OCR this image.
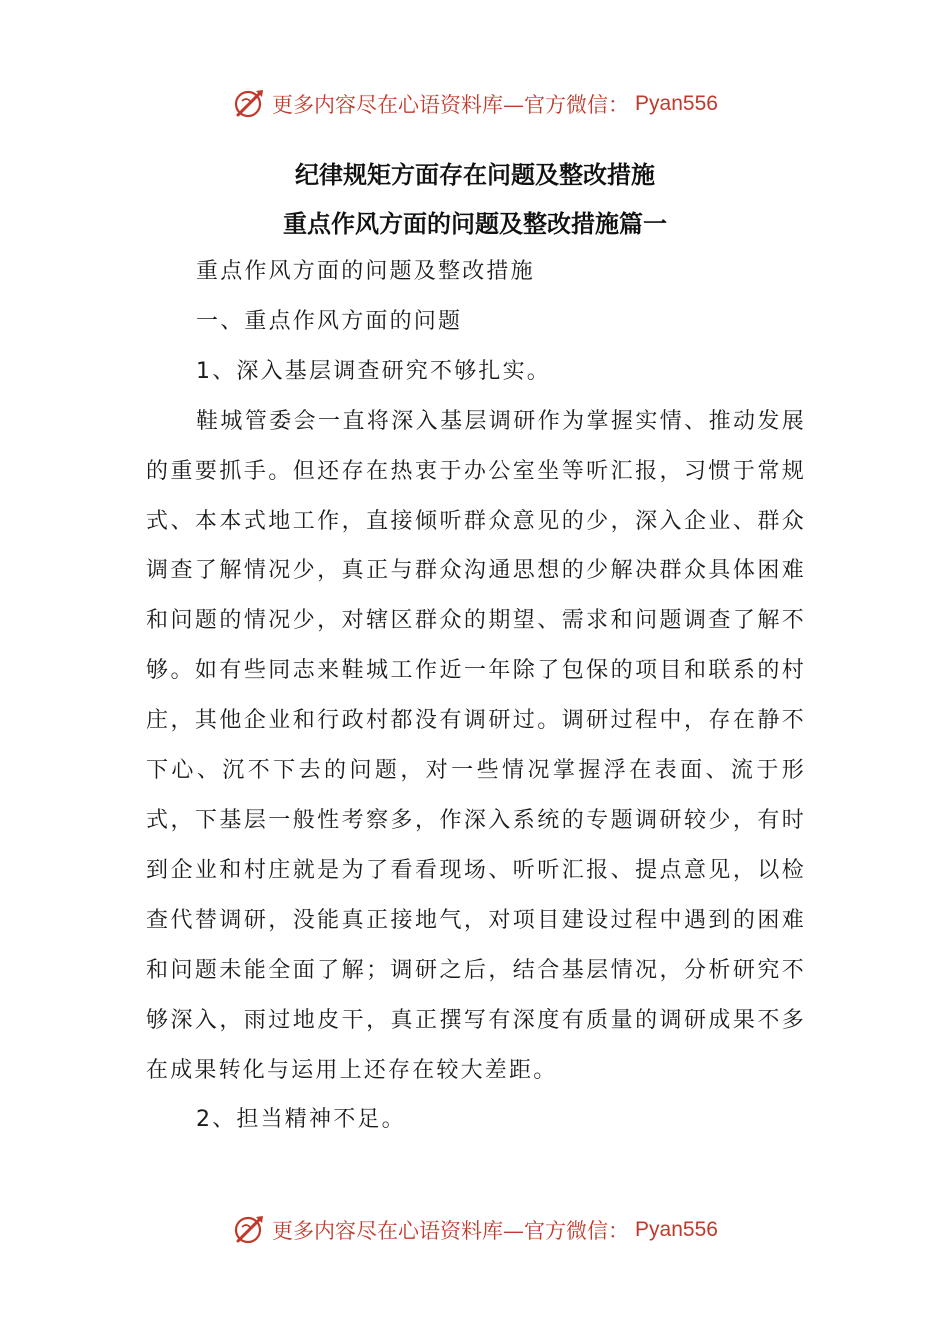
更多内容尽在心语资料库—官方微信： Pyan556
纪律规矩方面存在问题及整改措施
重点作风方面的问题及整改措施篇一

重点作风方面的问题及整改措施

一、重点作风方面的问题

1、深入基层调查研究不够扎实。

鞋城管委会一直将深入基层调研作为掌握实情、推动发展的重要抓手。但还存在热衷于办公室坐等听汇报，习惯于常规式、本本式地工作，直接倾听群众意见的少，深入企业、群众调查了解情况少，真正与群众沟通思想的少解决群众具体困难和问题的情况少，对辖区群众的期望、需求和问题调查了解不够。如有些同志来鞋城工作近一年除了包保的项目和联系的村庄，其他企业和行政村都没有调研过。调研过程中，存在静不下心、沉不下去的问题，对一些情况掌握浮在表面、流于形式，下基层一般性考察多，作深入系统的专题调研较少，有时到企业和村庄就是为了看看现场、听听汇报、提点意见，以检查代替调研，没能真正接地气，对项目建设过程中遇到的困难和问题未能全面了解；调研之后，结合基层情况，分析研究不够深入，雨过地皮干，真正撰写有深度有质量的调研成果不多在成果转化与运用上还存在较大差距。

2、担当精神不足。

更多内容尽在心语资料库—官方微信： Pyan556
